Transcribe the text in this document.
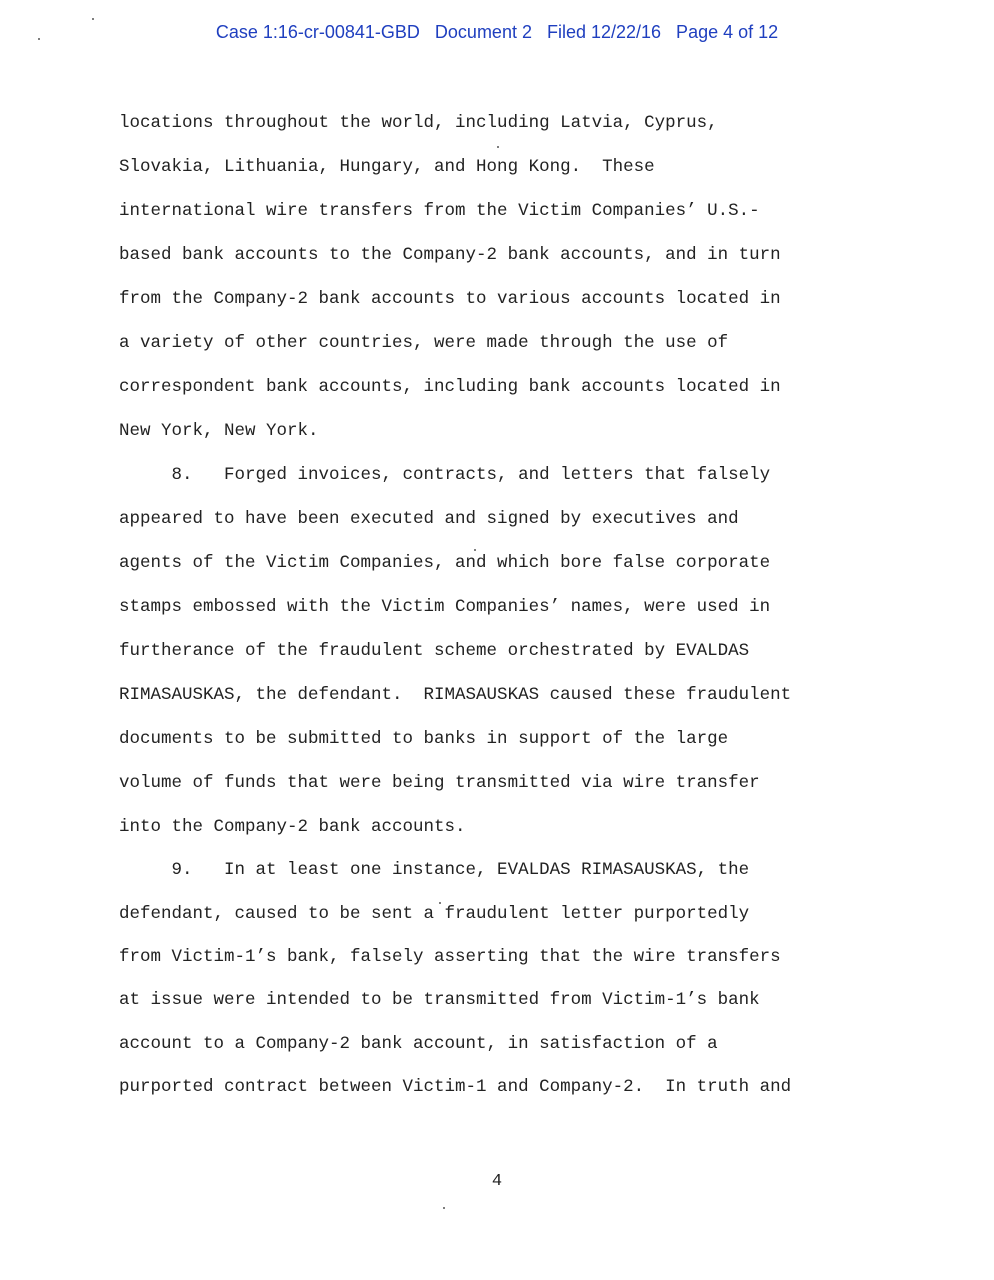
Case 1:16-cr-00841-GBD   Document 2   Filed 12/22/16   Page 4 of 12
locations throughout the world, including Latvia, Cyprus,
Slovakia, Lithuania, Hungary, and Hong Kong.  These
international wire transfers from the Victim Companies’ U.S.-
based bank accounts to the Company-2 bank accounts, and in turn
from the Company-2 bank accounts to various accounts located in
a variety of other countries, were made through the use of
correspondent bank accounts, including bank accounts located in
New York, New York.
8.   Forged invoices, contracts, and letters that falsely
appeared to have been executed and signed by executives and
agents of the Victim Companies, and which bore false corporate
stamps embossed with the Victim Companies’ names, were used in
furtherance of the fraudulent scheme orchestrated by EVALDAS
RIMASAUSKAS, the defendant.  RIMASAUSKAS caused these fraudulent
documents to be submitted to banks in support of the large
volume of funds that were being transmitted via wire transfer
into the Company-2 bank accounts.
9.   In at least one instance, EVALDAS RIMASAUSKAS, the
defendant, caused to be sent a fraudulent letter purportedly
from Victim-1’s bank, falsely asserting that the wire transfers
at issue were intended to be transmitted from Victim-1’s bank
account to a Company-2 bank account, in satisfaction of a
purported contract between Victim-1 and Company-2.  In truth and
4
